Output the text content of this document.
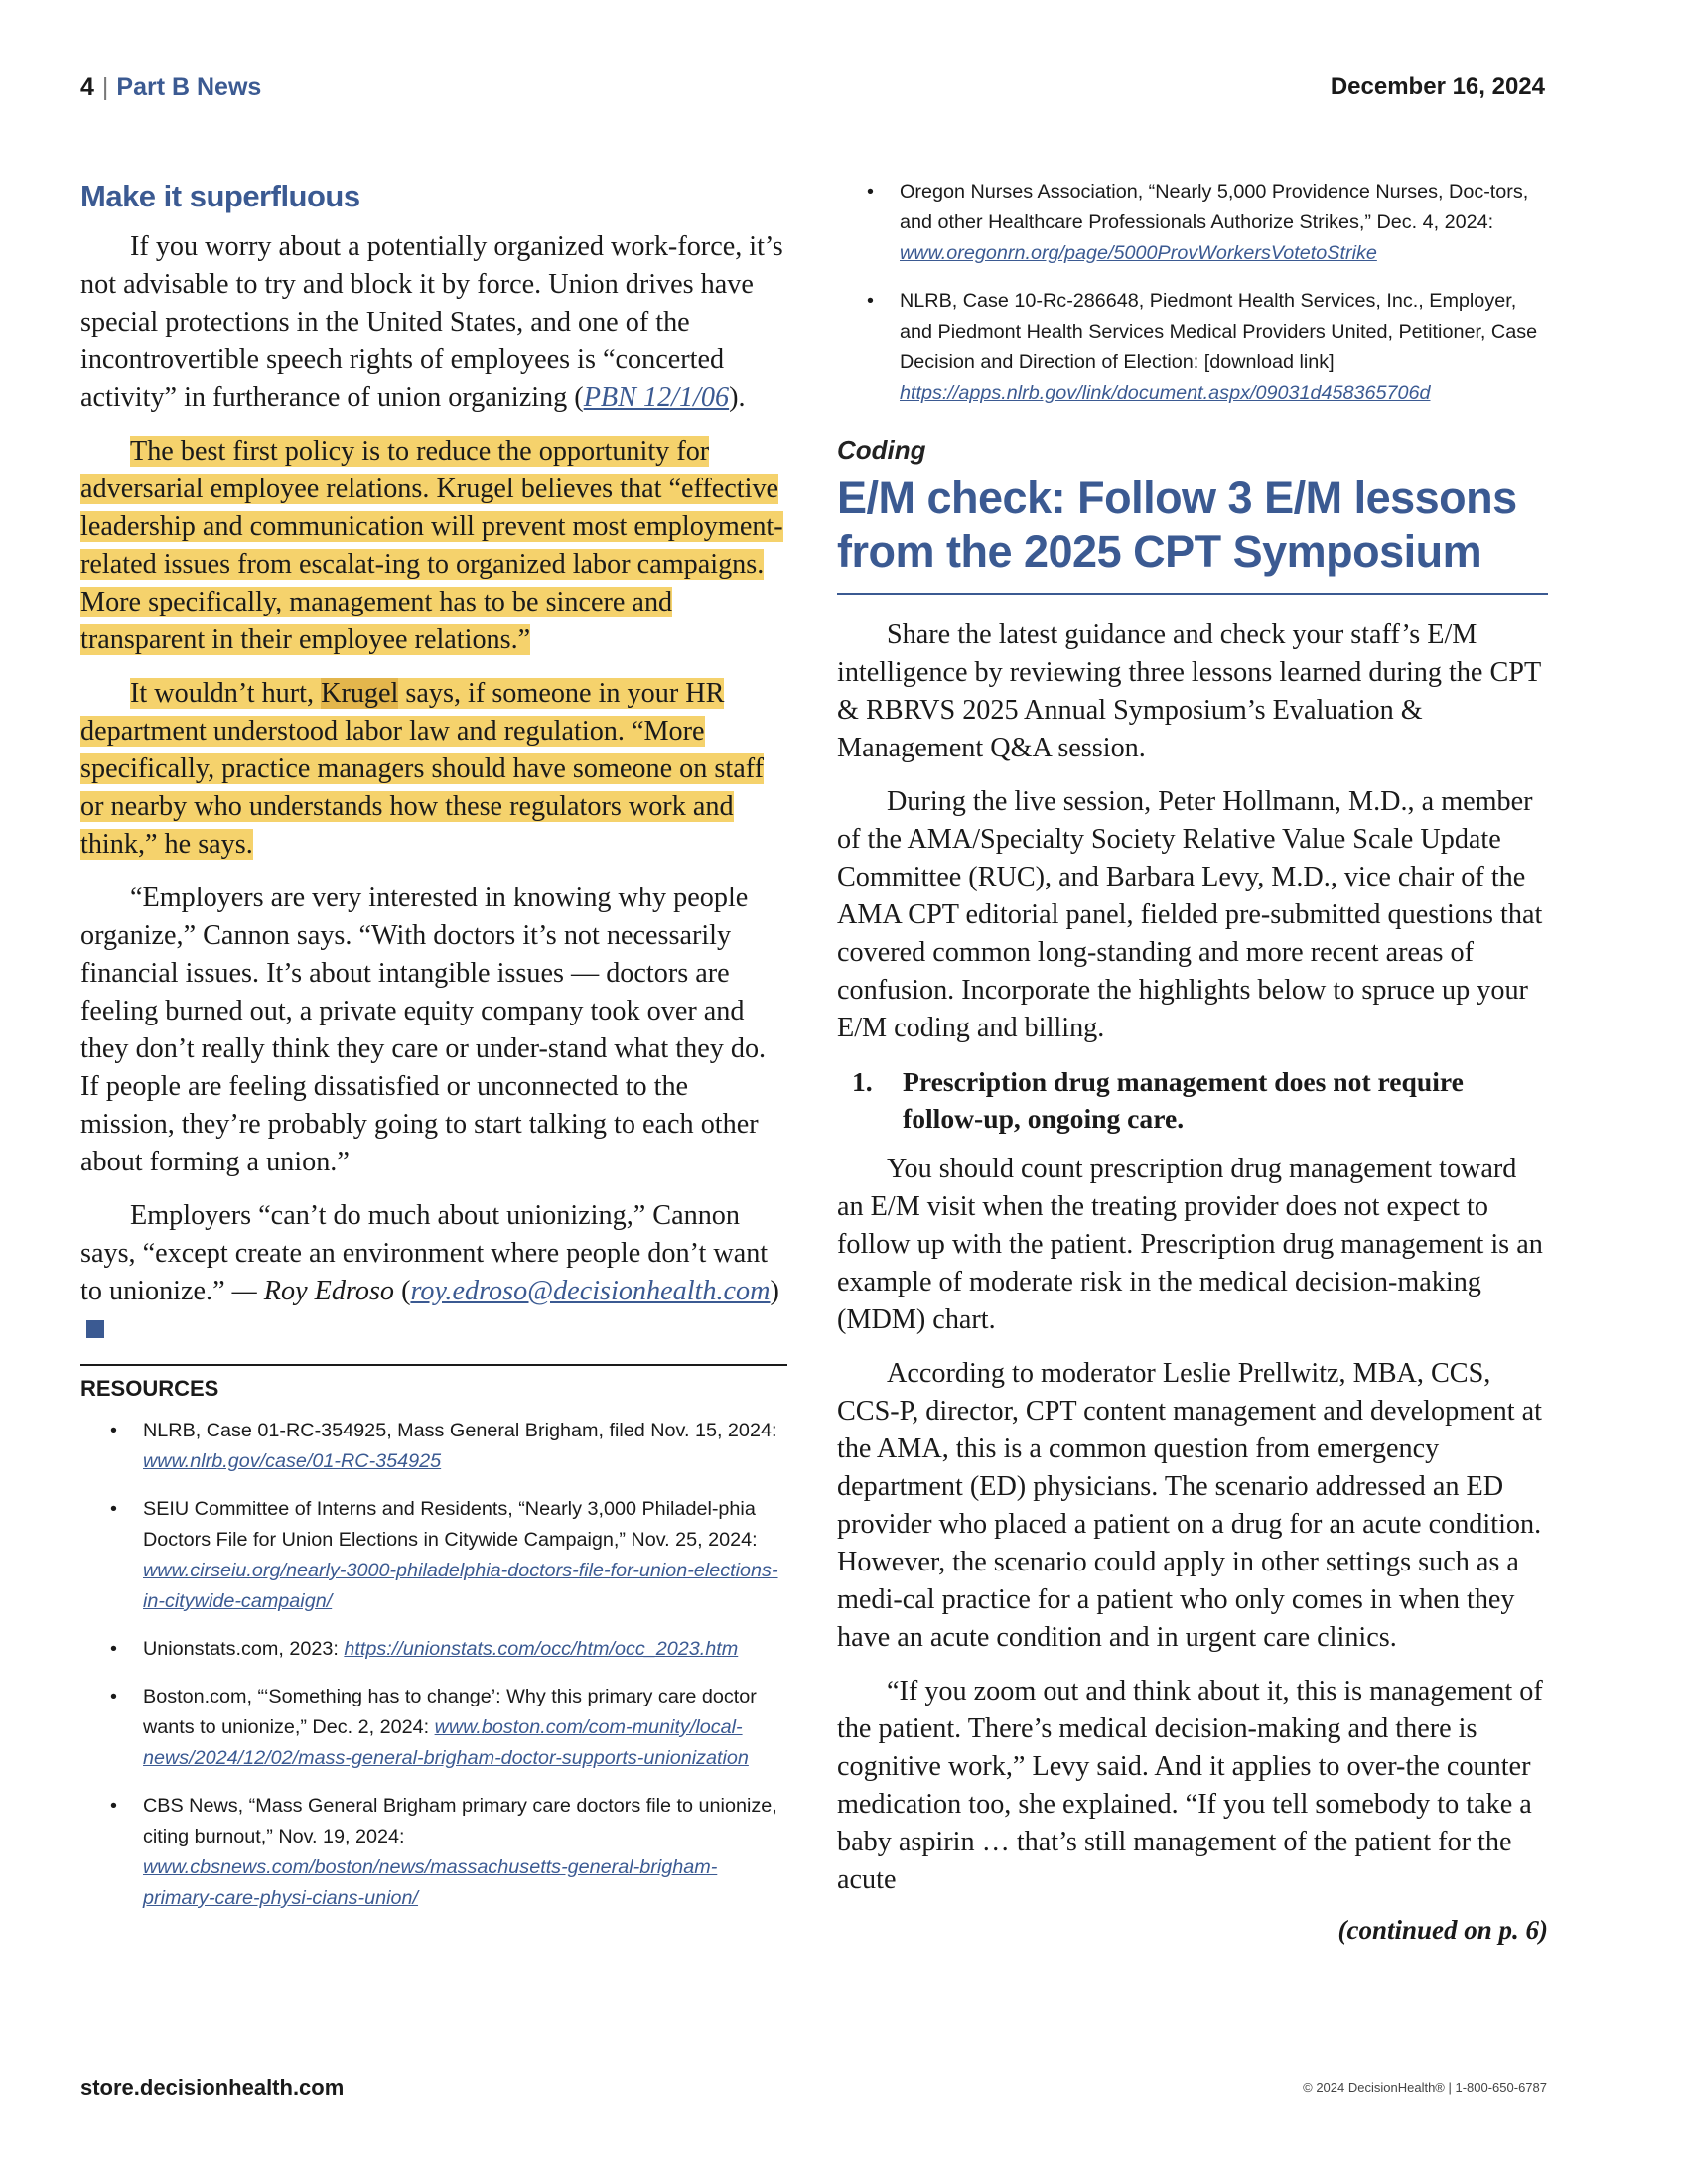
4 | Part B News	December 16, 2024
Make it superfluous

If you worry about a potentially organized work-force, it’s not advisable to try and block it by force. Union drives have special protections in the United States, and one of the incontrovertible speech rights of employees is “concerted activity” in furtherance of union organizing (PBN 12/1/06).

The best first policy is to reduce the opportunity for adversarial employee relations. Krugel believes that “effective leadership and communication will prevent most employment-related issues from escalat-ing to organized labor campaigns. More specifically, management has to be sincere and transparent in their employee relations.”

It wouldn’t hurt, Krugel says, if someone in your HR department understood labor law and regulation. “More specifically, practice managers should have someone on staff or nearby who understands how these regulators work and think,” he says.

“Employers are very interested in knowing why people organize,” Cannon says. “With doctors it’s not necessarily financial issues. It’s about intangible issues — doctors are feeling burned out, a private equity company took over and they don’t really think they care or under-stand what they do. If people are feeling dissatisfied or unconnected to the mission, they’re probably going to start talking to each other about forming a union.”

Employers “can’t do much about unionizing,” Cannon says, “except create an environment where people don’t want to unionize.” — Roy Edroso (roy.edroso@decisionhealth.com)

RESOURCES
• NLRB, Case 01-RC-354925, Mass General Brigham, filed Nov. 15, 2024: www.nlrb.gov/case/01-RC-354925
• SEIU Committee of Interns and Residents, “Nearly 3,000 Philadel-phia Doctors File for Union Elections in Citywide Campaign,” Nov. 25, 2024: www.cirseiu.org/nearly-3000-philadelphia-doctors-file-for-union-elections-in-citywide-campaign/
• Unionstats.com, 2023: https://unionstats.com/occ/htm/occ_2023.htm
• Boston.com, “‘Something has to change’: Why this primary care doctor wants to unionize,” Dec. 2, 2024: www.boston.com/com-munity/local-news/2024/12/02/mass-general-brigham-doctor-supports-unionization
• CBS News, “Mass General Brigham primary care doctors file to unionize, citing burnout,” Nov. 19, 2024: www.cbsnews.com/boston/news/massachusetts-general-brigham-primary-care-physi-cians-union/
• Oregon Nurses Association, “Nearly 5,000 Providence Nurses, Doc-tors, and other Healthcare Professionals Authorize Strikes,” Dec. 4, 2024: www.oregonrn.org/page/5000ProvWorkersVotetoStrike
• NLRB, Case 10-Rc-286648, Piedmont Health Services, Inc., Employer, and Piedmont Health Services Medical Providers United, Petitioner, Case Decision and Direction of Election: [download link] https://apps.nlrb.gov/link/document.aspx/09031d458365706d
Coding
E/M check: Follow 3 E/M lessons from the 2025 CPT Symposium

Share the latest guidance and check your staff’s E/M intelligence by reviewing three lessons learned during the CPT & RBRVS 2025 Annual Symposium’s Evaluation & Management Q&A session.

During the live session, Peter Hollmann, M.D., a member of the AMA/Specialty Society Relative Value Scale Update Committee (RUC), and Barbara Levy, M.D., vice chair of the AMA CPT editorial panel, fielded pre-submitted questions that covered common long-standing and more recent areas of confusion. Incorporate the highlights below to spruce up your E/M coding and billing.

1. Prescription drug management does not require follow-up, ongoing care.

You should count prescription drug management toward an E/M visit when the treating provider does not expect to follow up with the patient. Prescription drug management is an example of moderate risk in the medical decision-making (MDM) chart.

According to moderator Leslie Prellwitz, MBA, CCS, CCS-P, director, CPT content management and development at the AMA, this is a common question from emergency department (ED) physicians. The scenario addressed an ED provider who placed a patient on a drug for an acute condition. However, the scenario could apply in other settings such as a medi-cal practice for a patient who only comes in when they have an acute condition and in urgent care clinics.

“If you zoom out and think about it, this is management of the patient. There’s medical decision-making and there is cognitive work,” Levy said. And it applies to over-the counter medication too, she explained. “If you tell somebody to take a baby aspirin … that’s still management of the patient for the acute

(continued on p. 6)
store.decisionhealth.com	© 2024 DecisionHealth® | 1-800-650-6787
